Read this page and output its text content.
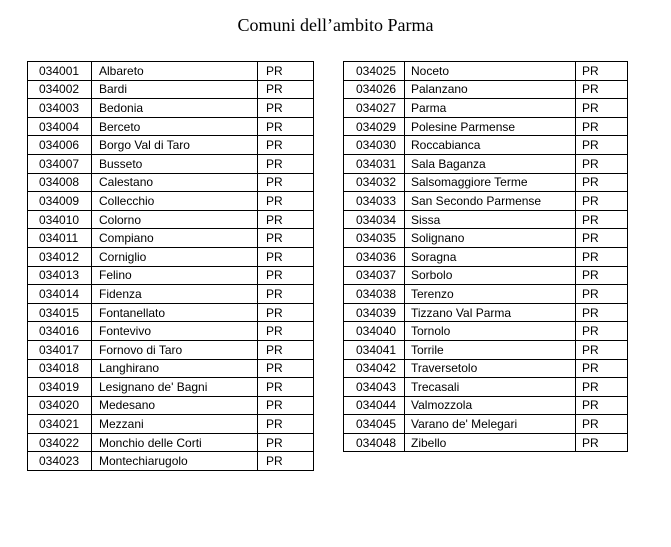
Comuni dell’ambito Parma
034001	Albareto	PR
034002	Bardi	PR
034003	Bedonia	PR
034004	Berceto	PR
034006	Borgo Val di Taro	PR
034007	Busseto	PR
034008	Calestano	PR
034009	Collecchio	PR
034010	Colorno	PR
034011	Compiano	PR
034012	Corniglio	PR
034013	Felino	PR
034014	Fidenza	PR
034015	Fontanellato	PR
034016	Fontevivo	PR
034017	Fornovo di Taro	PR
034018	Langhirano	PR
034019	Lesignano de' Bagni	PR
034020	Medesano	PR
034021	Mezzani	PR
034022	Monchio delle Corti	PR
034023	Montechiarugolo	PR
034025	Noceto	PR
034026	Palanzano	PR
034027	Parma	PR
034029	Polesine Parmense	PR
034030	Roccabianca	PR
034031	Sala Baganza	PR
034032	Salsomaggiore Terme	PR
034033	San Secondo Parmense	PR
034034	Sissa	PR
034035	Solignano	PR
034036	Soragna	PR
034037	Sorbolo	PR
034038	Terenzo	PR
034039	Tizzano Val Parma	PR
034040	Tornolo	PR
034041	Torrile	PR
034042	Traversetolo	PR
034043	Trecasali	PR
034044	Valmozzola	PR
034045	Varano de' Melegari	PR
034048	Zibello	PR
